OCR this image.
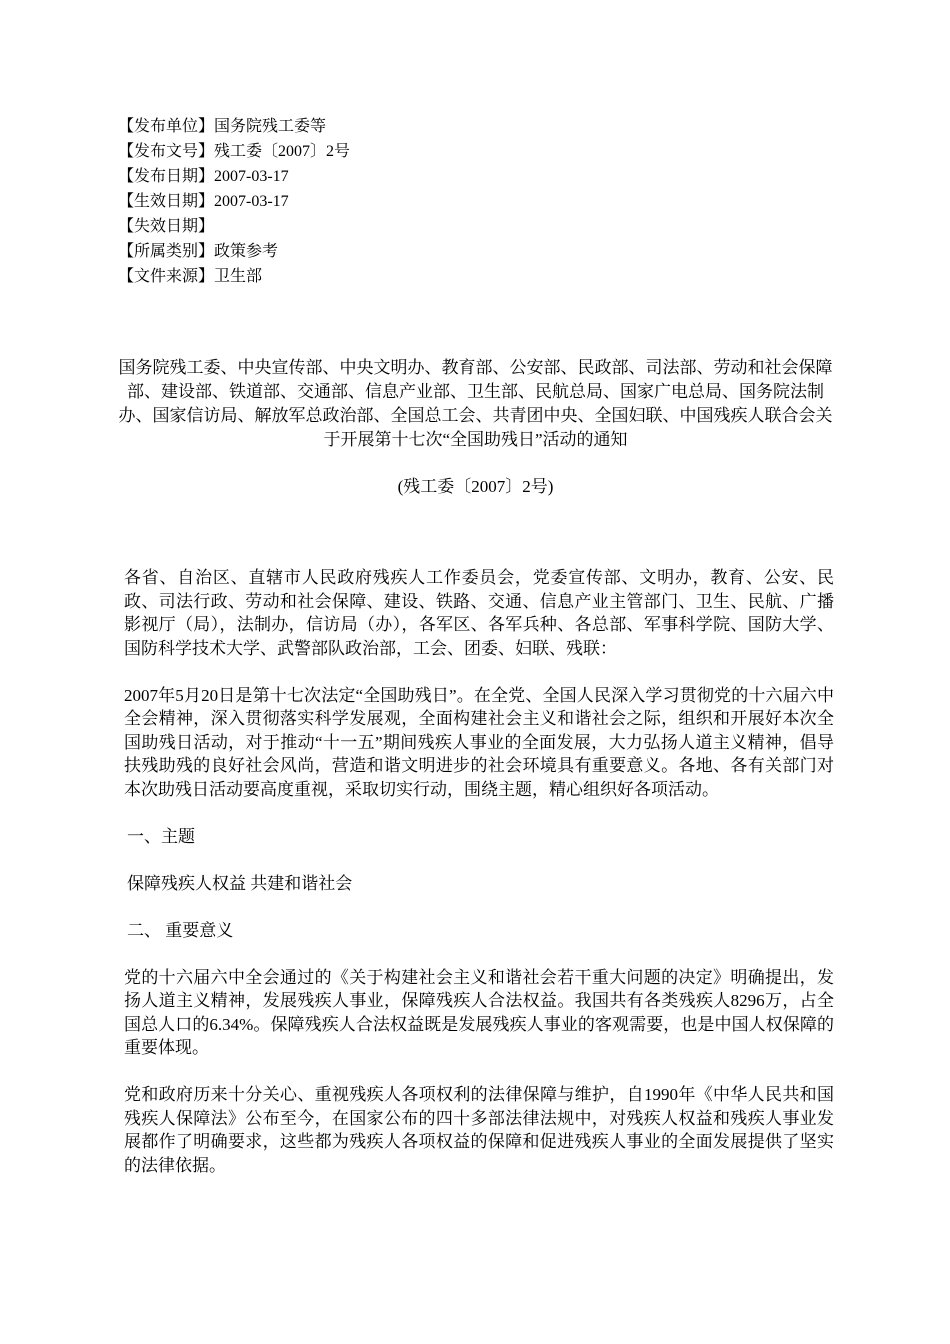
【发布单位】国务院残工委等
【发布文号】残工委〔2007〕2号
【发布日期】2007-03-17
【生效日期】2007-03-17
【失效日期】
【所属类别】政策参考
【文件来源】卫生部
国务院残工委、中央宣传部、中央文明办、教育部、公安部、民政部、司法部、劳动和社会保障部、建设部、铁道部、交通部、信息产业部、卫生部、民航总局、国家广电总局、国务院法制办、国家信访局、解放军总政治部、全国总工会、共青团中央、全国妇联、中国残疾人联合会关于开展第十七次“全国助残日”活动的通知
(残工委〔2007〕2号)

各省、自治区、直辖市人民政府残疾人工作委员会，党委宣传部、文明办，教育、公安、民政、司法行政、劳动和社会保障、建设、铁路、交通、信息产业主管部门、卫生、民航、广播影视厅（局），法制办，信访局（办），各军区、各军兵种、各总部、军事科学院、国防大学、国防科学技术大学、武警部队政治部，工会、团委、妇联、残联：

2007年5月20日是第十七次法定“全国助残日”。在全党、全国人民深入学习贯彻党的十六届六中全会精神，深入贯彻落实科学发展观，全面构建社会主义和谐社会之际，组织和开展好本次全国助残日活动，对于推动“十一五”期间残疾人事业的全面发展，大力弘扬人道主义精神，倡导扶残助残的良好社会风尚，营造和谐文明进步的社会环境具有重要意义。各地、各有关部门对本次助残日活动要高度重视，采取切实行动，围绕主题，精心组织好各项活动。

一、主题

保障残疾人权益 共建和谐社会

二、 重要意义

党的十六届六中全会通过的《关于构建社会主义和谐社会若干重大问题的决定》明确提出，发扬人道主义精神，发展残疾人事业，保障残疾人合法权益。我国共有各类残疾人8296万，占全国总人口的6.34%。保障残疾人合法权益既是发展残疾人事业的客观需要，也是中国人权保障的重要体现。

党和政府历来十分关心、重视残疾人各项权利的法律保障与维护，自1990年《中华人民共和国残疾人保障法》公布至今，在国家公布的四十多部法律法规中，对残疾人权益和残疾人事业发展都作了明确要求，这些都为残疾人各项权益的保障和促进残疾人事业的全面发展提供了坚实的法律依据。
